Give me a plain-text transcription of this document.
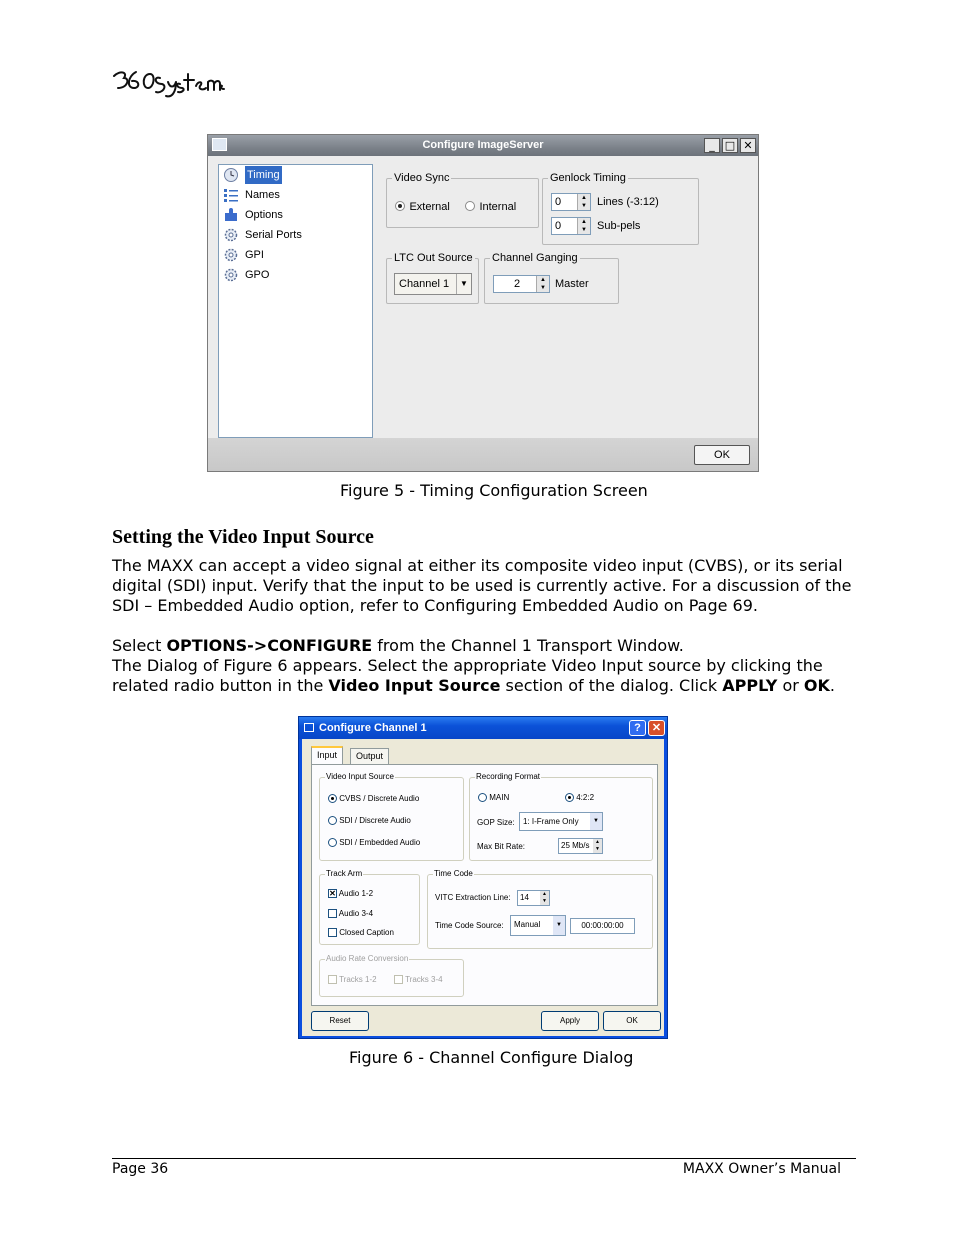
Configure ImageServer	_ □ ✕
Timing
Names
Options
Serial Ports
GPI
GPO
Video Sync
External	Internal
Genlock Timing
0	▲
▼ Lines (-3:12)
0	▲
▼ Sub-pels
LTC Out Source
Channel 1	▼
Channel Ganging
2	▲
▼ Master
OK
Figure 5 - Timing Configuration Screen
Setting the Video Input Source
The MAXX can accept a video signal at either its composite video input (CVBS), or its serial digital (SDI) input. Verify that the input to be used is currently active. For a discussion of the SDI – Embedded Audio option, refer to Configuring Embedded Audio on Page 69.
Select OPTIONS->CONFIGURE from the Channel 1 Transport Window.
The Dialog of Figure 6 appears. Select the appropriate Video Input source by clicking the related radio button in the Video Input Source section of the dialog. Click APPLY or OK.
Configure Channel 1	?	✕
Input	Output
Video Input Source
CVBS / Discrete Audio
SDI / Discrete Audio
SDI / Embedded Audio
Recording Format
MAIN	4:2:2
GOP Size:	1: I-Frame Only	▼
Max Bit Rate:	25 Mb/s	▲
▼
Track Arm
✕ Audio 1-2
Audio 3-4
Closed Caption
Time Code
VITC Extraction Line:	14	▲
▼
Time Code Source:	Manual	▼	00:00:00:00
Audio Rate Conversion
Tracks 1-2	Tracks 3-4
Reset	Apply	OK
Figure 6 - Channel Configure Dialog
Page 36	MAXX Owner’s Manual
